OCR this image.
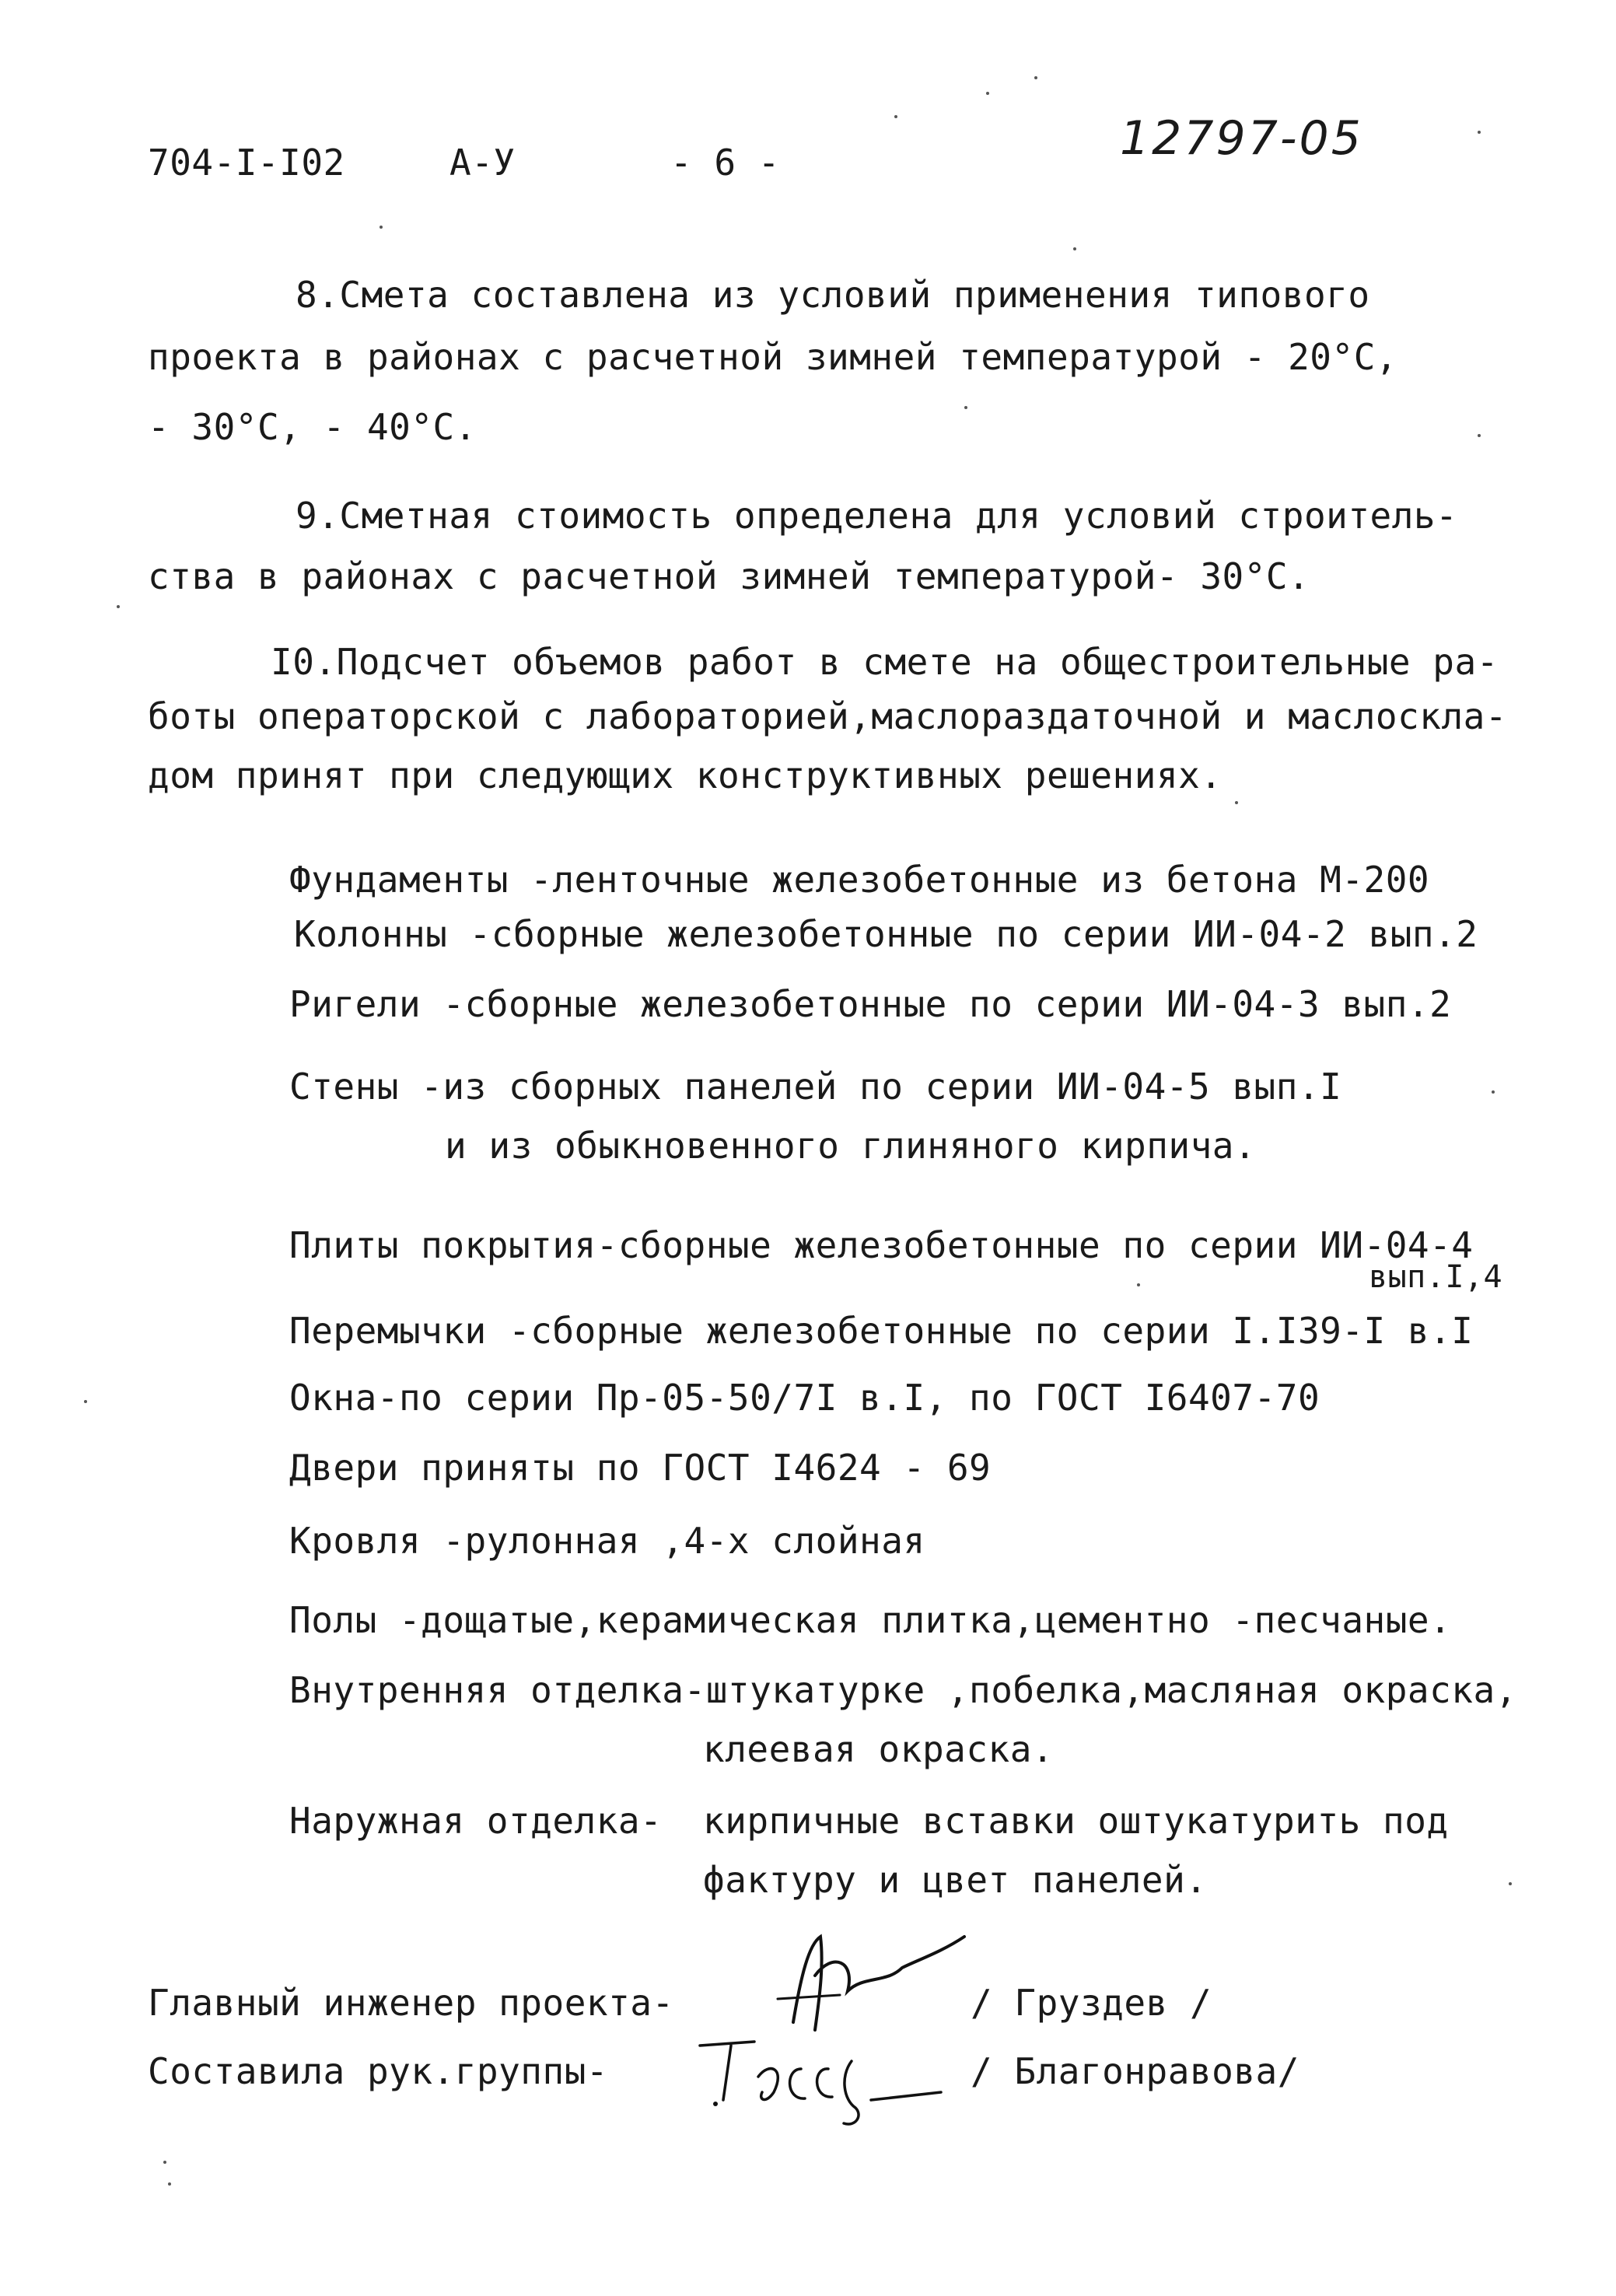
704-I-I02	А-У	- 6 -	12797-05
8.Смета составлена из условий применения типового
проекта в районах с расчетной зимней температурой - 20°C,
- 30°C, - 40°C.
9.Сметная стоимость определена для условий строитель-
ства в районах с расчетной зимней температурой- 30°C.
I0.Подсчет объемов работ в смете на общестроительные ра-
боты операторской с лабораторией,маслораздаточной и маслоскла-
дом принят при следующих конструктивных решениях.
Фундаменты -ленточные железобетонные из бетона М-200
Колонны -сборные железобетонные по серии ИИ-04-2 вып.2
Ригели -сборные железобетонные по серии ИИ-04-3 вып.2
Стены -из сборных панелей по серии ИИ-04-5 вып.I
и из обыкновенного глиняного кирпича.
Плиты покрытия-сборные железобетонные по серии ИИ-04-4
вып.I,4
Перемычки -сборные железобетонные по серии I.I39-I в.I
Окна-по серии Пр-05-50/7I в.I, по ГОСТ I6407-70
Двери приняты по ГОСТ I4624 - 69
Кровля -рулонная ,4-х слойная
Полы -дощатые,керамическая плитка,цементно -песчаные.
Внутренняя отделка-штукатурке ,побелка,масляная окраска,
клеевая окраска.
Наружная отделка- кирпичные вставки оштукатурить под
фактуру и цвет панелей.
Главный инженер проекта-	/ Груздев /
Составила рук.группы-	/ Благонравова/
